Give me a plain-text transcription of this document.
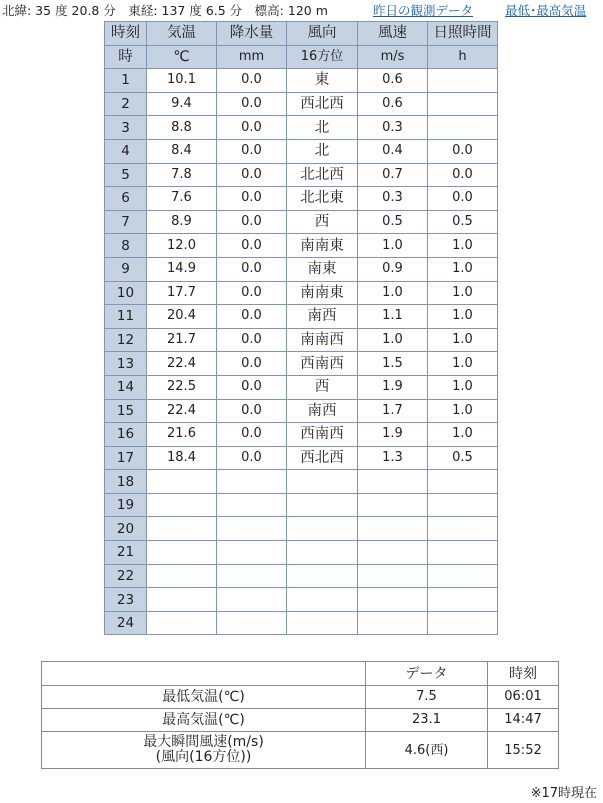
北緯: 35 度 20.8 分　東経: 137 度 6.5 分　標高: 120 m	昨日の観測データ	最低･最高気温
時刻	気温	降水量	風向	風速	日照時間
時	℃	mm	16方位	m/s	h
1	10.1	0.0	東	0.6	
2	9.4	0.0	西北西	0.6	
3	8.8	0.0	北	0.3	
4	8.4	0.0	北	0.4	0.0
5	7.8	0.0	北北西	0.7	0.0
6	7.6	0.0	北北東	0.3	0.0
7	8.9	0.0	西	0.5	0.5
8	12.0	0.0	南南東	1.0	1.0
9	14.9	0.0	南東	0.9	1.0
10	17.7	0.0	南南東	1.0	1.0
11	20.4	0.0	南西	1.1	1.0
12	21.7	0.0	南南西	1.0	1.0
13	22.4	0.0	西南西	1.5	1.0
14	22.5	0.0	西	1.9	1.0
15	22.4	0.0	南西	1.7	1.0
16	21.6	0.0	西南西	1.9	1.0
17	18.4	0.0	西北西	1.3	0.5
18					
19					
20					
21					
22					
23					
24					
	データ	時刻
最低気温(℃)	7.5	06:01
最高気温(℃)	23.1	14:47

最大瞬間風速(m/s)
(風向(16方位))	4.6(西)	15:52
※17時現在
